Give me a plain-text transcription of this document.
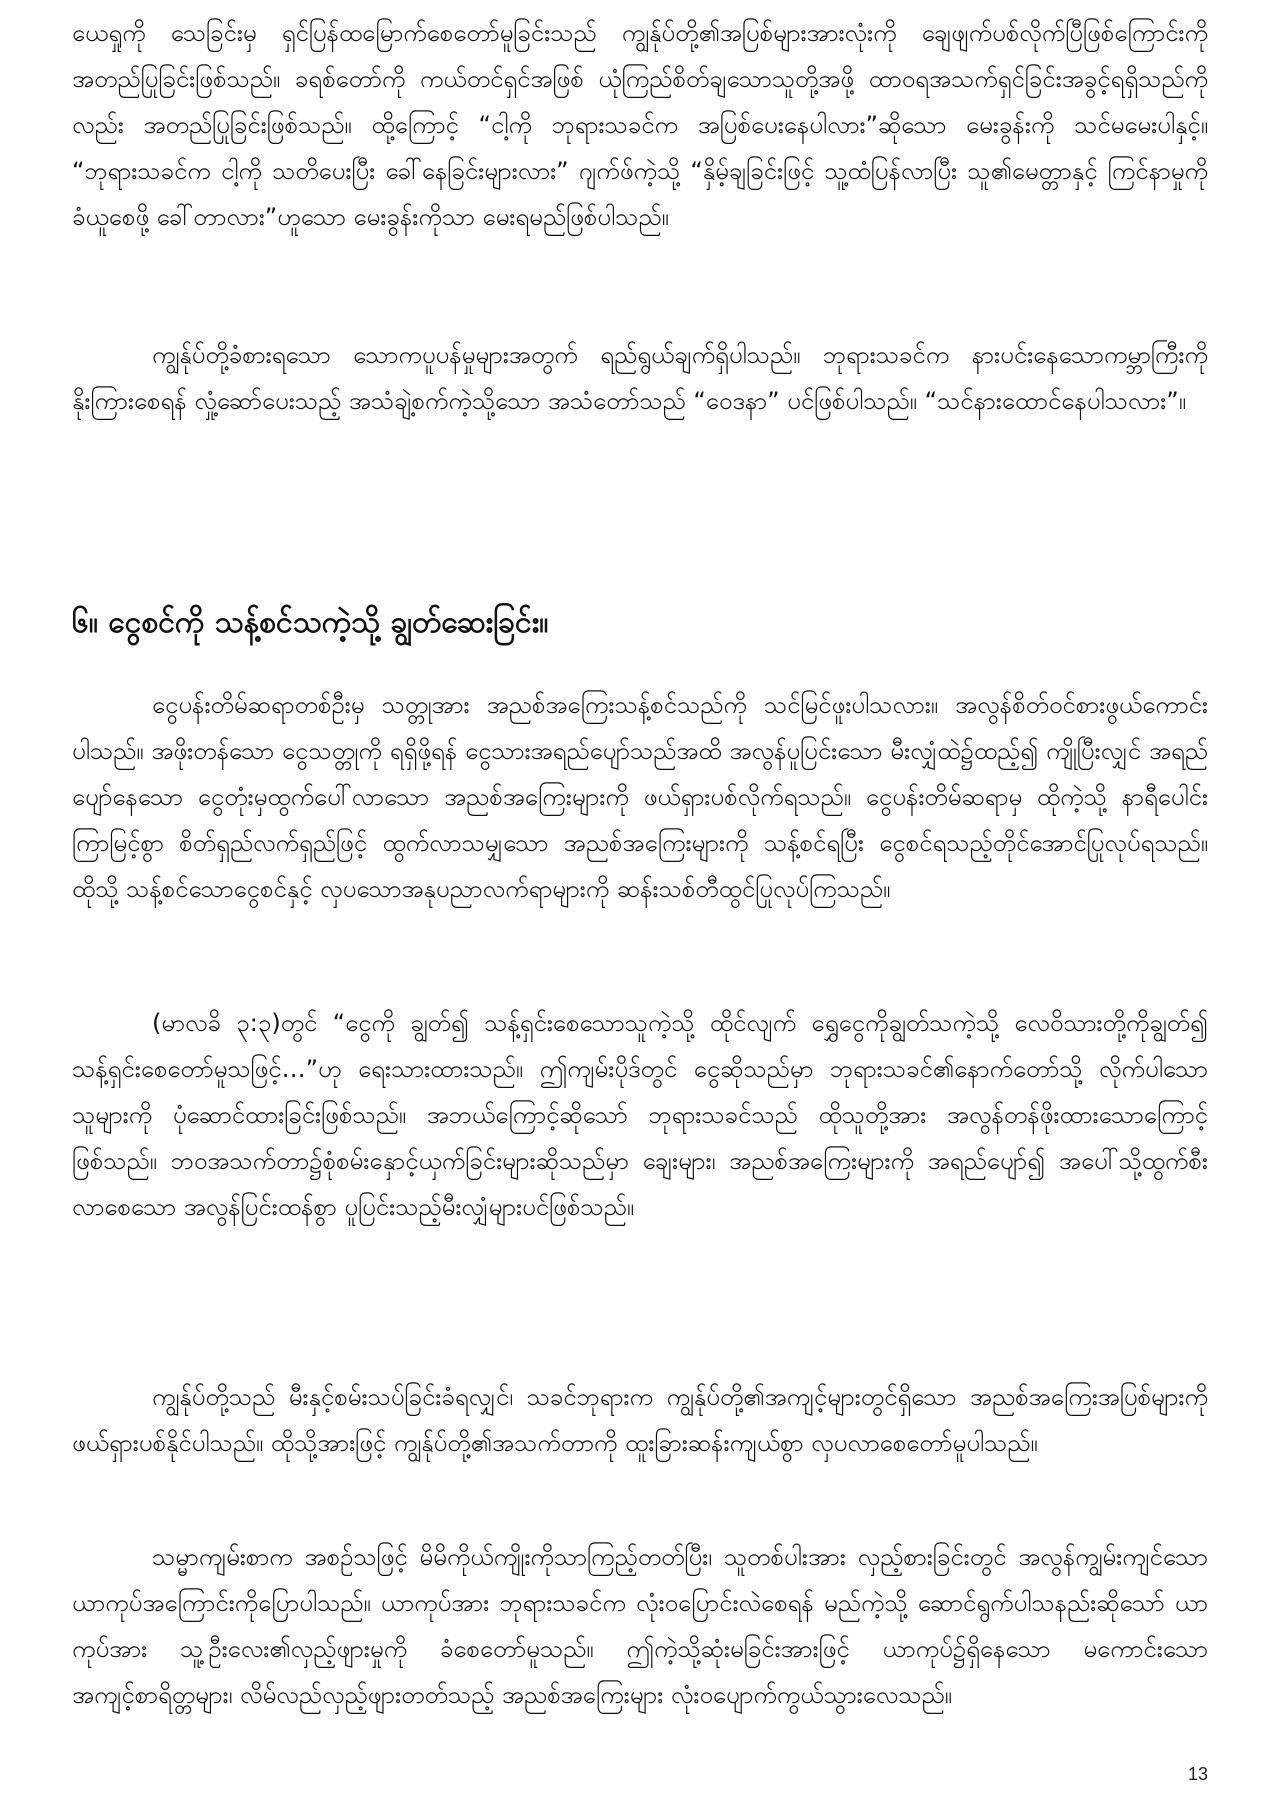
ယေရှုကို သေခြင်းမှ ရှင်ပြန်ထမြောက်စေတော်မူခြင်းသည် ကျွန်ုပ်တို့၏အပြစ်များအားလုံးကို ချေဖျက်ပစ်လိုက်ပြီဖြစ်ကြောင်းကို အတည်ပြုခြင်းဖြစ်သည်။ ခရစ်တော်ကို ကယ်တင်ရှင်အဖြစ် ယုံကြည်စိတ်ချသောသူတို့အဖို့ ထာဝရအသက်ရှင်ခြင်းအခွင့်ရရှိသည်ကိုလည်း အတည်ပြုခြင်းဖြစ်သည်။ ထို့ကြောင့် “ငါ့ကို ဘုရားသခင်က အပြစ်ပေးနေပါလား”ဆိုသော မေးခွန်းကို သင်မမေးပါနှင့်။ “ဘုရားသခင်က ငါ့ကို သတိပေးပြီး ခေါ်နေခြင်းများလား” ဂျက်ဖ်ကဲ့သို့ “နှိမ့်ချခြင်းဖြင့် သူ့ထံပြန်လာပြီး သူ၏မေတ္တာနှင့် ကြင်နာမှုကိုခံယူစေဖို့ ခေါ်တာလား”ဟူသော မေးခွန်းကိုသာ မေးရမည်ဖြစ်ပါသည်။

ကျွန်ုပ်တို့ခံစားရသော သောကပူပန်မှုများအတွက် ရည်ရွယ်ချက်ရှိပါသည်။ ဘုရားသခင်က နားပင်းနေသောကမ္ဘာကြီးကို နိုးကြားစေရန် လှုံ့ဆော်ပေးသည့် အသံချဲ့စက်ကဲ့သို့သော အသံတော်သည် “ဝေဒနာ” ပင်ဖြစ်ပါသည်။ “သင်နားထောင်နေပါသလား”။

၆။ ငွေစင်ကို သန့်စင်သကဲ့သို့ ချွတ်ဆေးခြင်း။

ငွေပန်းတိမ်ဆရာတစ်ဦးမှ သတ္တုအား အညစ်အကြေးသန့်စင်သည်ကို သင်မြင်ဖူးပါသလား။ အလွန်စိတ်ဝင်စားဖွယ်ကောင်းပါသည်။ အဖိုးတန်သော ငွေသတ္တုကို ရရှိဖို့ရန် ငွေသားအရည်ပျော်သည်အထိ အလွန်ပူပြင်းသော မီးလျှံထဲ၌ထည့်၍ ကျိုပြီးလျှင် အရည်ပျော်နေသော ငွေတုံးမှထွက်ပေါ်လာသော အညစ်အကြေးများကို ဖယ်ရှားပစ်လိုက်ရသည်။ ငွေပန်းတိမ်ဆရာမှ ထိုကဲ့သို့ နာရီပေါင်းကြာမြင့်စွာ စိတ်ရှည်လက်ရှည်ဖြင့် ထွက်လာသမျှသော အညစ်အကြေးများကို သန့်စင်ရပြီး ငွေစင်ရသည့်တိုင်အောင်ပြုလုပ်ရသည်။ ထိုသို့ သန့်စင်သောငွေစင်နှင့် လှပသောအနုပညာလက်ရာများကို ဆန်းသစ်တီထွင်ပြုလုပ်ကြသည်။

(မာလခိ ၃:၃)တွင် “ငွေကို ချွတ်၍ သန့်ရှင်းစေသောသူကဲ့သို့ ထိုင်လျက် ရွှေငွေကိုချွတ်သကဲ့သို့ လေဝိသားတို့ကိုချွတ်၍ သန့်ရှင်းစေတော်မူသဖြင့်…”ဟု ရေးသားထားသည်။ ဤကျမ်းပိုဒ်တွင် ငွေဆိုသည်မှာ ဘုရားသခင်၏နောက်တော်သို့ လိုက်ပါသောသူများကို ပုံဆောင်ထားခြင်းဖြစ်သည်။ အဘယ်ကြောင့်ဆိုသော် ဘုရားသခင်သည် ထိုသူတို့အား အလွန်တန်ဖိုးထားသောကြောင့်ဖြစ်သည်။ ဘဝအသက်တာ၌စုံစမ်းနှောင့်ယှက်ခြင်းများဆိုသည်မှာ ချေးများ၊ အညစ်အကြေးများကို အရည်ပျော်၍ အပေါ်သို့ထွက်စီးလာစေသော အလွန်ပြင်းထန်စွာ ပူပြင်းသည့်မီးလျှံများပင်ဖြစ်သည်။

ကျွန်ုပ်တို့သည် မီးနှင့်စမ်းသပ်ခြင်းခံရလျှင်၊ သခင်ဘုရားက ကျွန်ုပ်တို့၏အကျင့်များတွင်ရှိသော အညစ်အကြေးအပြစ်များကို ဖယ်ရှားပစ်နိုင်ပါသည်။ ထိုသို့အားဖြင့် ကျွန်ုပ်တို့၏အသက်တာကို ထူးခြားဆန်းကျယ်စွာ လှပလာစေတော်မူပါသည်။

သမ္မာကျမ်းစာက အစဉ်သဖြင့် မိမိကိုယ်ကျိုးကိုသာကြည့်တတ်ပြီး၊ သူတစ်ပါးအား လှည့်စားခြင်းတွင် အလွန်ကျွမ်းကျင်သော ယာကုပ်အကြောင်းကိုပြောပါသည်။ ယာကုပ်အား ဘုရားသခင်က လုံးဝပြောင်းလဲစေရန် မည်ကဲ့သို့ ဆောင်ရွက်ပါသနည်းဆိုသော် ယာကုပ်အား သူ့ဦးလေး၏လှည့်ဖျားမှုကို ခံစေတော်မူသည်။ ဤကဲ့သို့ဆုံးမခြင်းအားဖြင့် ယာကုပ်၌ရှိနေသော မကောင်းသော အကျင့်စာရိတ္တများ၊ လိမ်လည်လှည့်ဖျားတတ်သည့် အညစ်အကြေးများ လုံးဝပျောက်ကွယ်သွားလေသည်။

13
